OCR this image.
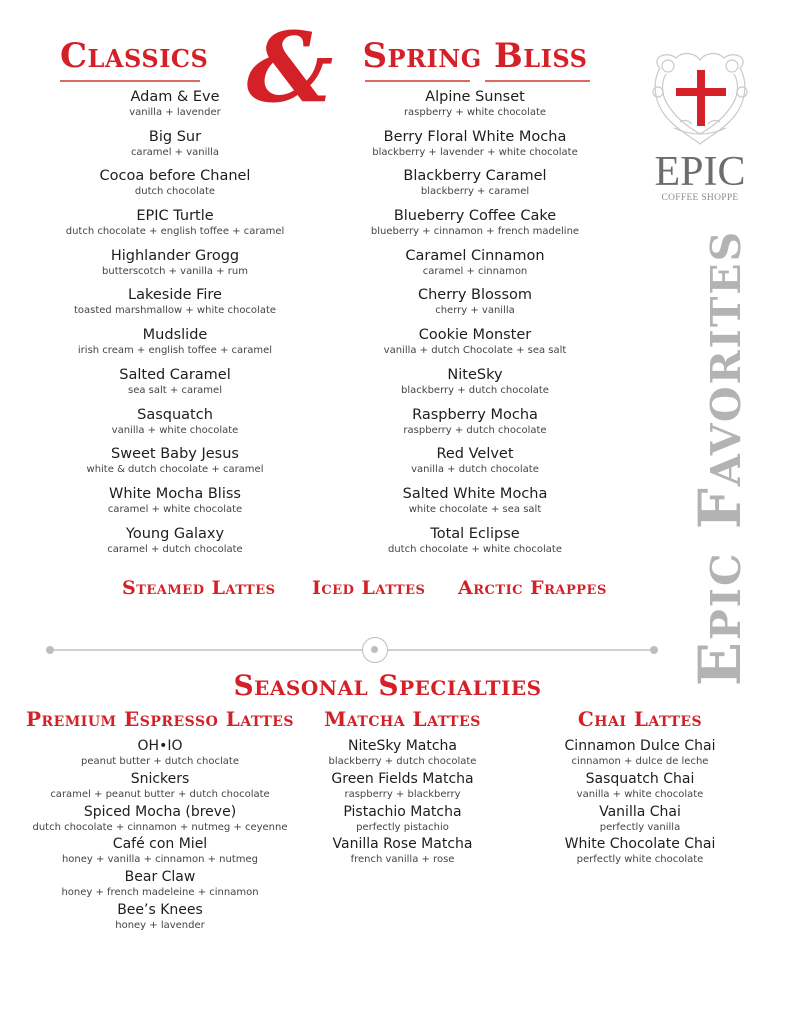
Classics
Adam & Eve
vanilla + lavender
Big Sur
caramel + vanilla
Cocoa before Chanel
dutch chocolate
EPIC Turtle
dutch chocolate + english toffee + caramel
Highlander Grogg
butterscotch + vanilla + rum
Lakeside Fire
toasted marshmallow + white chocolate
Mudslide
irish cream + english toffee + caramel
Salted Caramel
sea salt + caramel
Sasquatch
vanilla + white chocolate
Sweet Baby Jesus
white & dutch chocolate + caramel
White Mocha Bliss
caramel + white chocolate
Young Galaxy
caramel + dutch chocolate
& Spring Bliss
Alpine Sunset
raspberry + white chocolate
Berry Floral White Mocha
blackberry + lavender + white chocolate
Blackberry Caramel
blackberry + caramel
Blueberry Coffee Cake
blueberry + cinnamon + french madeline
Caramel Cinnamon
caramel + cinnamon
Cherry Blossom
cherry + vanilla
Cookie Monster
vanilla + dutch Chocolate + sea salt
NiteSky
blackberry + dutch chocolate
Raspberry Mocha
raspberry + dutch chocolate
Red Velvet
vanilla + dutch chocolate
Salted White Mocha
white chocolate + sea salt
Total Eclipse
dutch chocolate + white chocolate
EPIC
COFFEE SHOPPE
Epic Favorites
Steamed Lattes Iced Lattes Arctic Frappes
Seasonal Specialties
Premium Espresso Lattes
OH•IO
peanut butter + dutch choclate
Snickers
caramel + peanut butter + dutch chocolate
Spiced Mocha (breve)
dutch chocolate + cinnamon + nutmeg + ceyenne
Café con Miel
honey + vanilla + cinnamon + nutmeg
Bear Claw
honey + french madeleine + cinnamon
Bee’s Knees
honey + lavender
Matcha Lattes
NiteSky Matcha
blackberry + dutch chocolate
Green Fields Matcha
raspberry + blackberry
Pistachio Matcha
perfectly pistachio
Vanilla Rose Matcha
french vanilla + rose
Chai Lattes
Cinnamon Dulce Chai
cinnamon + dulce de leche
Sasquatch Chai
vanilla + white chocolate
Vanilla Chai
perfectly vanilla
White Chocolate Chai
perfectly white chocolate
